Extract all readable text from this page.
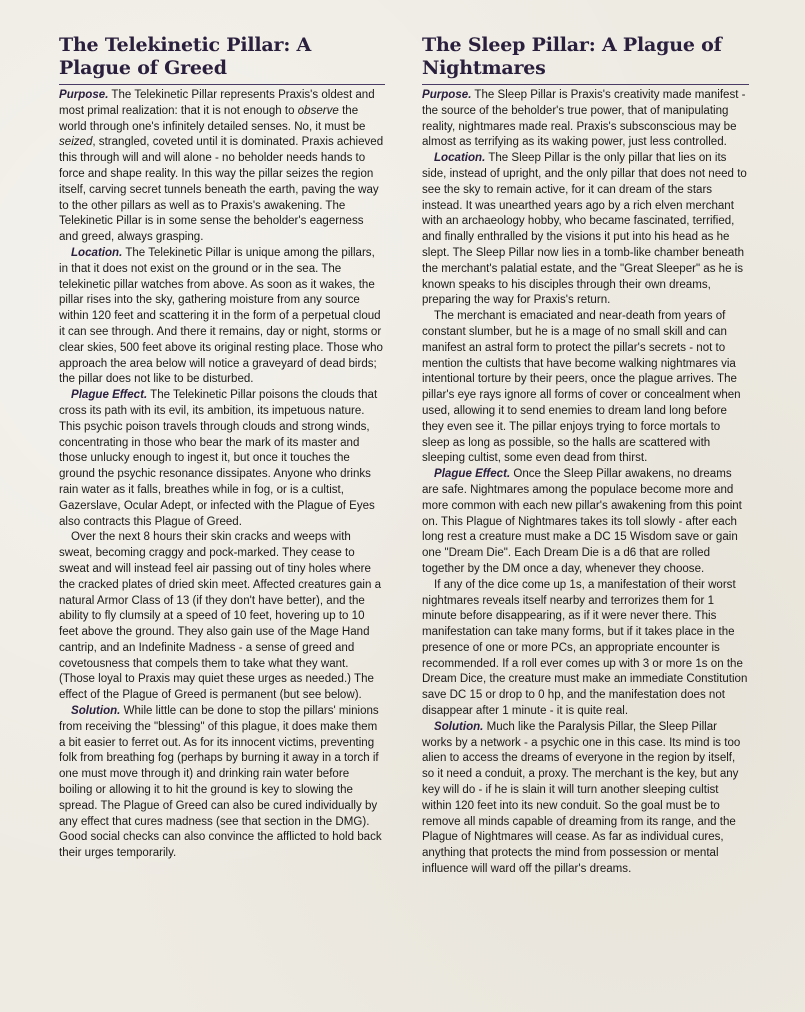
The Telekinetic Pillar: A Plague of Greed

Purpose. The Telekinetic Pillar represents Praxis's oldest and most primal realization: that it is not enough to observe the world through one's infinitely detailed senses. No, it must be seized, strangled, coveted until it is dominated. Praxis achieved this through will and will alone - no beholder needs hands to force and shape reality. In this way the pillar seizes the region itself, carving secret tunnels beneath the earth, paving the way to the other pillars as well as to Praxis's awakening. The Telekinetic Pillar is in some sense the beholder's eagerness and greed, always grasping.

Location. The Telekinetic Pillar is unique among the pillars, in that it does not exist on the ground or in the sea. The telekinetic pillar watches from above. As soon as it wakes, the pillar rises into the sky, gathering moisture from any source within 120 feet and scattering it in the form of a perpetual cloud it can see through. And there it remains, day or night, storms or clear skies, 500 feet above its original resting place. Those who approach the area below will notice a graveyard of dead birds; the pillar does not like to be disturbed.

Plague Effect. The Telekinetic Pillar poisons the clouds that cross its path with its evil, its ambition, its impetuous nature. This psychic poison travels through clouds and strong winds, concentrating in those who bear the mark of its master and those unlucky enough to ingest it, but once it touches the ground the psychic resonance dissipates. Anyone who drinks rain water as it falls, breathes while in fog, or is a cultist, Gazerslave, Ocular Adept, or infected with the Plague of Eyes also contracts this Plague of Greed.

Over the next 8 hours their skin cracks and weeps with sweat, becoming craggy and pock-marked. They cease to sweat and will instead feel air passing out of tiny holes where the cracked plates of dried skin meet. Affected creatures gain a natural Armor Class of 13 (if they don't have better), and the ability to fly clumsily at a speed of 10 feet, hovering up to 10 feet above the ground. They also gain use of the Mage Hand cantrip, and an Indefinite Madness - a sense of greed and covetousness that compels them to take what they want. (Those loyal to Praxis may quiet these urges as needed.) The effect of the Plague of Greed is permanent (but see below).

Solution. While little can be done to stop the pillars' minions from receiving the "blessing" of this plague, it does make them a bit easier to ferret out. As for its innocent victims, preventing folk from breathing fog (perhaps by burning it away in a torch if one must move through it) and drinking rain water before boiling or allowing it to hit the ground is key to slowing the spread. The Plague of Greed can also be cured individually by any effect that cures madness (see that section in the DMG). Good social checks can also convince the afflicted to hold back their urges temporarily.

The Sleep Pillar: A Plague of Nightmares

Purpose. The Sleep Pillar is Praxis's creativity made manifest - the source of the beholder's true power, that of manipulating reality, nightmares made real. Praxis's subsconscious may be almost as terrifying as its waking power, just less controlled.

Location. The Sleep Pillar is the only pillar that lies on its side, instead of upright, and the only pillar that does not need to see the sky to remain active, for it can dream of the stars instead. It was unearthed years ago by a rich elven merchant with an archaeology hobby, who became fascinated, terrified, and finally enthralled by the visions it put into his head as he slept. The Sleep Pillar now lies in a tomb-like chamber beneath the merchant's palatial estate, and the "Great Sleeper" as he is known speaks to his disciples through their own dreams, preparing the way for Praxis's return.

The merchant is emaciated and near-death from years of constant slumber, but he is a mage of no small skill and can manifest an astral form to protect the pillar's secrets - not to mention the cultists that have become walking nightmares via intentional torture by their peers, once the plague arrives. The pillar's eye rays ignore all forms of cover or concealment when used, allowing it to send enemies to dream land long before they even see it. The pillar enjoys trying to force mortals to sleep as long as possible, so the halls are scattered with sleeping cultist, some even dead from thirst.

Plague Effect. Once the Sleep Pillar awakens, no dreams are safe. Nightmares among the populace become more and more common with each new pillar's awakening from this point on. This Plague of Nightmares takes its toll slowly - after each long rest a creature must make a DC 15 Wisdom save or gain one "Dream Die". Each Dream Die is a d6 that are rolled together by the DM once a day, whenever they choose.

If any of the dice come up 1s, a manifestation of their worst nightmares reveals itself nearby and terrorizes them for 1 minute before disappearing, as if it were never there. This manifestation can take many forms, but if it takes place in the presence of one or more PCs, an appropriate encounter is recommended. If a roll ever comes up with 3 or more 1s on the Dream Dice, the creature must make an immediate Constitution save DC 15 or drop to 0 hp, and the manifestation does not disappear after 1 minute - it is quite real.

Solution. Much like the Paralysis Pillar, the Sleep Pillar works by a network - a psychic one in this case. Its mind is too alien to access the dreams of everyone in the region by itself, so it need a conduit, a proxy. The merchant is the key, but any key will do - if he is slain it will turn another sleeping cultist within 120 feet into its new conduit. So the goal must be to remove all minds capable of dreaming from its range, and the Plague of Nightmares will cease. As far as individual cures, anything that protects the mind from possession or mental influence will ward off the pillar's dreams.
